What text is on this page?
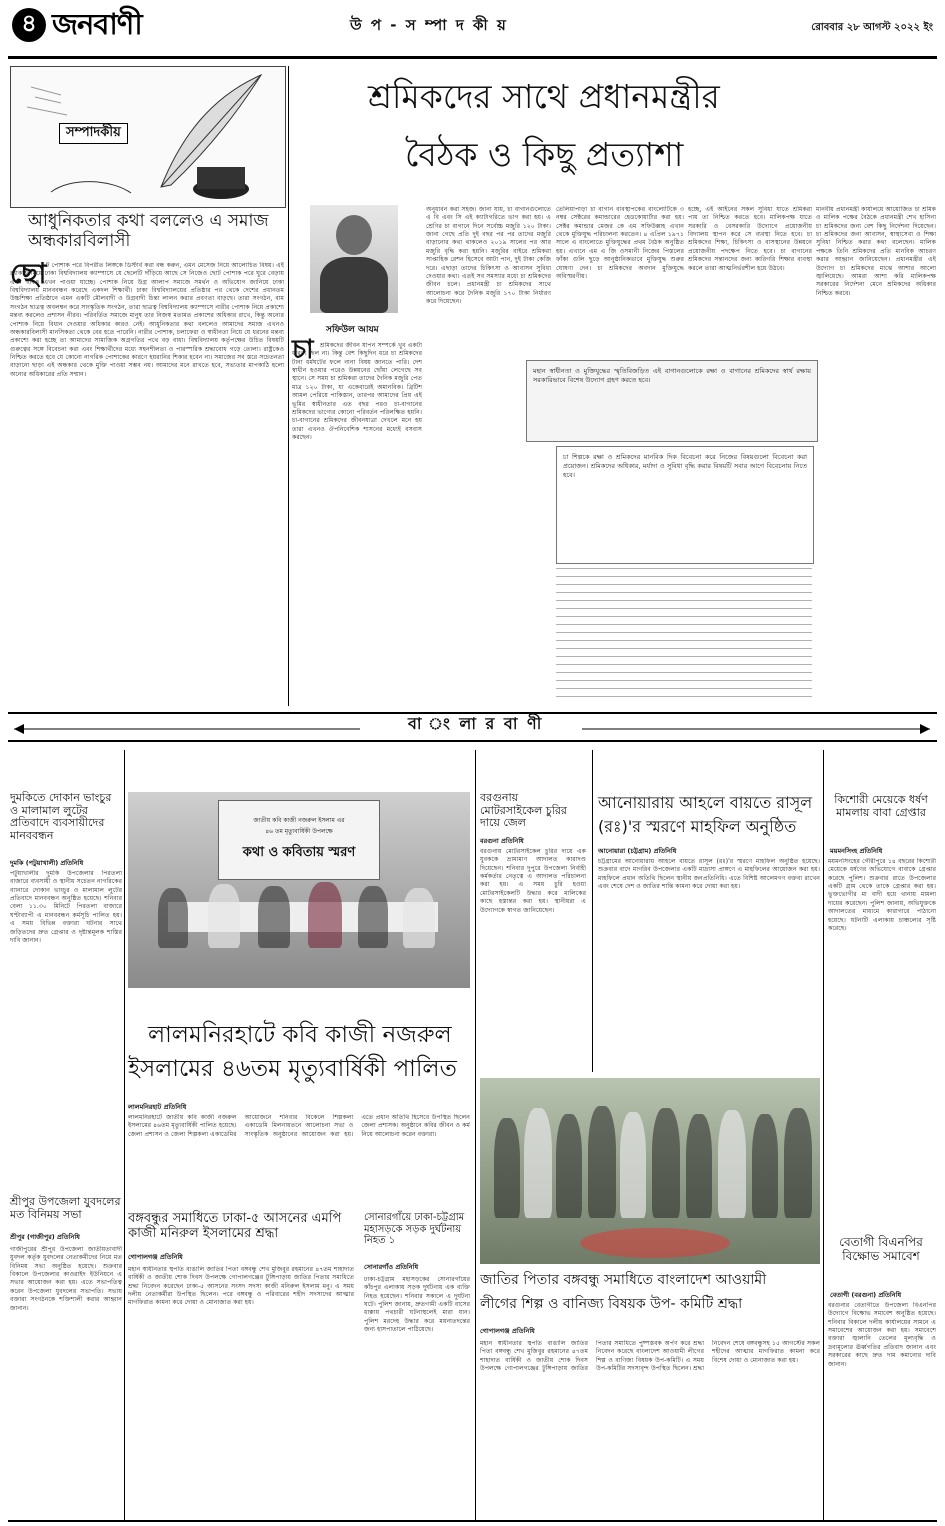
৪ জনবাণী	উ প - স ম্পা দ কী য়	রোববার ২৮ আগস্ট ২০২২ ইং
সম্পাদকীয়
আধুনিকতার কথা বললেও এ সমাজ অন্ধকারবিলাসী
ছো ট পোশাক পরে বিপরীত লিঙ্গকে ডিস্টার্ব করা বন্ধ করুন, এমন মেসেজ নিয়ে আলোচিত বিষয়। এই প্ল্যাকার্ড নিয়ে ঢাকা বিশ্ববিদ্যালয় ক্যাম্পাসে যে ছেলেটি দাঁড়িয়ে আছে সে নিজেও ছোট পোশাক পরে ঘুরে বেড়ায় এমন ছবিও এখন পাওয়া যাচ্ছে। পোশাক নিয়ে উগ্র আলাপ সমাজে সমর্থন ও অভিযোগ জানিয়ে ঢাকা বিশ্ববিদ্যালয় মানববন্ধন করেছে একদল শিক্ষার্থী। ঢাকা বিশ্ববিদ্যালয়ের প্রতিষ্ঠার পর থেকে দেশের প্রধানতম উচ্চশিক্ষা প্রতিষ্ঠানে এমন একটি মৌলবাদী ও উগ্রবাদী চিন্তা লালন করার প্রবণতা বাড়ছে। তারা সংগঠন, বাম সংগঠন ছাত্রত্ব অবলম্বন করে সাংস্কৃতিক সংগঠন, তারা ছাত্রত্ব বিশ্ববিদ্যালয় ক্যাম্পাসে নারীর পোশাক নিয়ে প্রকাশ্যে মন্তব্য করলেও প্রশাসন নীরব। পরিবর্তিত সমাজে মানুষ তার নিজস্ব মতামত প্রকাশের অধিকার রাখে, কিন্তু অন্যের পোশাক নিয়ে বিধান দেওয়ার অধিকার কারও নেই। আধুনিকতার কথা বললেও আমাদের সমাজ এখনও অন্ধকারবিলাসী মানসিকতা থেকে বের হতে পারেনি। নারীর পোশাক, চলাফেরা ও স্বাধীনতা নিয়ে যে ধরনের মন্তব্য প্রকাশ্যে করা হচ্ছে তা আমাদের সামাজিক অগ্রগতির পথে বড় বাধা। বিশ্ববিদ্যালয় কর্তৃপক্ষের উচিত বিষয়টি গুরুত্বের সঙ্গে বিবেচনা করা এবং শিক্ষার্থীদের মধ্যে সহনশীলতা ও পারস্পরিক শ্রদ্ধাবোধ গড়ে তোলা। রাষ্ট্রকেও নিশ্চিত করতে হবে যে কোনো নাগরিক পোশাকের কারণে হয়রানির শিকার হবেন না। সমাজের সব স্তরে সচেতনতা বাড়ানো ছাড়া এই অন্ধকার থেকে মুক্তি পাওয়া সম্ভব নয়। আমাদের মনে রাখতে হবে, সভ্যতার মাপকাঠি হলো অন্যের অধিকারের প্রতি সম্মান।
শ্রমিকদের সাথে প্রধানমন্ত্রীর
বৈঠক ও কিছু প্রত্যাশা
সফিউল আযম
চা	শ্রমিকদের জীবন যাপন সম্পর্কে খুব একটা ধারণা ছিল না। কিন্তু বেশ কিছুদিন ধরে চা শ্রমিকদের টানা ধর্মঘটের ফলে নানা বিষয় জানতে পারি। দেশ স্বাধীন হওয়ার পরেও উন্নয়নের ছোঁয়া লেগেছে সব স্থানে। সে সময় চা শ্রমিকরা তাদের দৈনিক মজুরি পেত মাত্র ১২০ টাকা, যা একেবারেই অমানবিক। ব্রিটিশ আমল পেরিয়ে পাকিস্তান, তারপর আমাদের প্রিয় এই ভূমির স্বাধীনতার এত বছর পরও চা-বাগানের শ্রমিকদের ভাগ্যের কোনো পরিবর্তন পরিলক্ষিত হয়নি। চা-বাগানের শ্রমিকদের জীবনযাত্রা দেখলে মনে হয় তারা এখনও ঔপনিবেশিক শাসনের মধ্যেই বসবাস করছেন।
অনুধাবন করা সহজ। জানা যায়, চা বাগানগুলোতে এ বি এবং সি এই ক্যাটাগরিতে ভাগ করা হয়। এ শ্রেণির চা বাগানে দিনে সর্বোচ্চ মজুরি ১২০ টাকা। জানা গেছে প্রতি দুই বছর পর পর তাদের মজুরি বাড়ানোর কথা থাকলেও ২০১৯ সালের পর আর মজুরি বৃদ্ধি করা হয়নি। মজুরির বাইরে শ্রমিকরা সাপ্তাহিক রেশন হিসেবে আটা পান, দুই টাকা কেজি দরে। এছাড়া তাদের চিকিৎসা ও আবাসন সুবিধা দেওয়ার কথা। এতই সব সমস্যার মধ্যে চা শ্রমিকদের জীবন চলে। প্রধানমন্ত্রী চা শ্রমিকদের সাথে আলোচনা করে দৈনিক মজুরি ১৭০ টাকা নির্ধারণ করে দিয়েছেন।
তেলিয়াপাড়া চা বাগান ব্যবস্থাপকের বাংলোটিকে ৩ নম্বর সেক্টরের কমান্ডারের হেডকোয়ার্টার করা হয়। সেক্টর কমান্ডার মেজর কে এম সফিউল্লাহ এখান থেকে মুক্তিযুদ্ধ পরিচালনা করতেন। ৪ এপ্রিল ১৯৭১ সালে এ বাংলোতে মুক্তিযুদ্ধের প্রথম বৈঠক অনুষ্ঠিত হয়। এখানে এম এ জি ওসমানী নিজের পিস্তলের ফাঁকা গুলি ছুড়ে আনুষ্ঠানিকভাবে মুক্তিযুদ্ধ শুরুর ঘোষণা দেন। চা শ্রমিকদের অবদান মুক্তিযুদ্ধে অবিস্মরণীয়।
হচ্ছে, এই আইনের সকল সুবিধা যাতে শ্রমিকরা পায় তা নিশ্চিত করতে হবে। মালিকপক্ষ যাতে সরকারি ও বেসরকারি উদ্যোগে প্রয়োজনীয় বিদ্যালয় স্থাপন করে সে ব্যবস্থা নিতে হবে। চা শ্রমিকদের শিক্ষা, চিকিৎসা ও বাসস্থানের উন্নয়নে প্রয়োজনীয় পদক্ষেপ নিতে হবে। চা বাগানের শ্রমিকদের সন্তানদের জন্য কারিগরি শিক্ষার ব্যবস্থা করলে তারা আত্মনির্ভরশীল হয়ে উঠবে।
মহান স্বাধীনতা ও মুক্তিযুদ্ধের স্মৃতিবিজড়িত এই বাগানগুলোকে রক্ষা ও বাগানের শ্রমিকদের স্বার্থ রক্ষায় সরকারিভাবে বিশেষ উদ্যোগ গ্রহণ করতে হবে।
চা শিল্পকে রক্ষা ও শ্রমিকদের মানবিক দিক বিবেচনা করে নিজের বিষয়গুলো বিবেচনা করা প্রয়োজন। শ্রমিকদের অধিকার, মর্যাদা ও সুবিধা বৃদ্ধি করার বিষয়টি সবার আগে বিবেচনায় নিতে হবে।
মানবীয় প্রধানমন্ত্রী কার্যালয়ে আয়োজিত চা শ্রমিক ও মালিক পক্ষের বৈঠকে প্রধানমন্ত্রী শেখ হাসিনা চা শ্রমিকদের জন্য বেশ কিছু নির্দেশনা দিয়েছেন। চা শ্রমিকদের জন্য আবাসন, স্বাস্থ্যসেবা ও শিক্ষা সুবিধা নিশ্চিত করার কথা বলেছেন। মালিক পক্ষকে তিনি শ্রমিকদের প্রতি মানবিক আচরণ করার আহ্বান জানিয়েছেন। প্রধানমন্ত্রীর এই উদ্যোগ চা শ্রমিকদের মাঝে আশার আলো জ্বালিয়েছে। আমরা আশা করি মালিকপক্ষ সরকারের নির্দেশনা মেনে শ্রমিকদের অধিকার নিশ্চিত করবে।
বা ং লা র বা ণী
দুমকিতে দোকান ভাংচুর ও মালামাল লুটের প্রতিবাদে ব্যবসায়ীদের মানববন্ধন
দুমকি (পটুয়াখালী) প্রতিনিধি
পটুয়াখালীর দুমকি উপজেলার পিরতলা বাজারে ব্যবসায়ী ও স্থানীয় সচেতন নাগরিকের ব্যানারে দোকান ভাংচুর ও মালামাল লুটের প্রতিবাদে মানববন্ধন অনুষ্ঠিত হয়েছে। শনিবার বেলা ১১.৩০ মিনিটে পিরতলা বাজারে ঘণ্টাব্যাপী এ মানববন্ধন কর্মসূচি পালিত হয়। এ সময় বিভিন্ন বক্তারা ঘটনার সাথে জড়িতদের দ্রুত গ্রেপ্তার ও দৃষ্টান্তমূলক শাস্তির দাবি জানান।
জাতীয় কবি কাজী নজরুল ইসলাম এর
৪৬ তম মৃত্যুবার্ষিকী উপলক্ষে
কথা ও কবিতায় স্মরণ
লালমনিরহাটে কবি কাজী নজরুল
ইসলামের ৪৬তম মৃত্যুবার্ষিকী পালিত
লালমনিরহাট প্রতিনিধি
লালমনিরহাটে জাতীয় কবি কাজী নজরুল ইসলামের ৪৬তম মৃত্যুবার্ষিকী পালিত হয়েছে। জেলা প্রশাসন ও জেলা শিল্পকলা একাডেমির আয়োজনে শনিবার বিকেলে শিল্পকলা একাডেমি মিলনায়তনে আলোচনা সভা ও সাংস্কৃতিক অনুষ্ঠানের আয়োজন করা হয়। এতে প্রধান অতিথি হিসেবে উপস্থিত ছিলেন জেলা প্রশাসক। অনুষ্ঠানে কবির জীবন ও কর্ম নিয়ে আলোচনা করেন বক্তারা।
শ্রীপুর উপজেলা যুবদলের মত বিনিময় সভা
শ্রীপুর (গাজীপুর) প্রতিনিধি
গাজীপুরের শ্রীপুর উপজেলা জাতীয়তাবাদী যুবদল কর্তৃক যুবদলের নেতাকর্মীদের নিয়ে মত বিনিময় সভা অনুষ্ঠিত হয়েছে। শুক্রবার বিকালে উপজেলার কাওরাইদ ইউনিয়নে এ সভার আয়োজন করা হয়। এতে সভাপতিত্ব করেন উপজেলা যুবদলের সভাপতি। সভায় বক্তারা সংগঠনকে শক্তিশালী করার আহ্বান জানান।
বঙ্গবন্ধুর সমাধিতে ঢাকা-৫ আসনের এমপি কাজী মনিরুল ইসলামের শ্রদ্ধা
গোপালগঞ্জ প্রতিনিধি
মহান স্বাধীনতার স্থপতি বাঙালি জাতির পিতা বঙ্গবন্ধু শেখ মুজিবুর রহমানের ৪৭তম শাহাদাত বার্ষিকী ও জাতীয় শোক দিবস উপলক্ষে গোপালগঞ্জের টুঙ্গিপাড়ায় জাতির পিতার সমাধিতে শ্রদ্ধা নিবেদন করেছেন ঢাকা-৫ আসনের সংসদ সদস্য কাজী মনিরুল ইসলাম মনু। এ সময় দলীয় নেতাকর্মীরা উপস্থিত ছিলেন। পরে বঙ্গবন্ধু ও পরিবারের শহীদ সদস্যদের আত্মার মাগফিরাত কামনা করে দোয়া ও মোনাজাত করা হয়।
সোনারগাঁয়ে ঢাকা-চট্টগ্রাম মহাসড়কে সড়ক দুর্ঘটনায় নিহত ১
সোনারগাঁও প্রতিনিধি
ঢাকা-চট্টগ্রাম মহাসড়কের সোনারগাঁয়ের কাঁচপুর এলাকায় সড়ক দুর্ঘটনায় এক ব্যক্তি নিহত হয়েছেন। শনিবার সকালে এ দুর্ঘটনা ঘটে। পুলিশ জানায়, দ্রুতগামী একটি বাসের ধাক্কায় পথচারী ঘটনাস্থলেই মারা যান। পুলিশ মরদেহ উদ্ধার করে ময়নাতদন্তের জন্য হাসপাতালে পাঠিয়েছে।
বরগুনায় মোটরসাইকেল চুরির দায়ে জেল
বরগুনা প্রতিনিধি
বরগুনায় মোটরসাইকেল চুরির দায়ে এক যুবককে ভ্রাম্যমাণ আদালত কারাদণ্ড দিয়েছেন। শনিবার দুপুরে উপজেলা নির্বাহী কর্মকর্তার নেতৃত্বে এ আদালত পরিচালনা করা হয়। এ সময় চুরি হওয়া মোটরসাইকেলটি উদ্ধার করে মালিকের কাছে হস্তান্তর করা হয়। স্থানীয়রা এ উদ্যোগকে স্বাগত জানিয়েছেন।
আনোয়ারায় আহলে বায়তে রাসূল
(রঃ)'র স্মরণে মাহফিল অনুষ্ঠিত
আনোয়ারা (চট্টগ্রাম) প্রতিনিধি
চট্টগ্রামের আনোয়ারায় আহলে বায়তে রাসূল (রঃ)'র স্মরণে মাহফিল অনুষ্ঠিত হয়েছে। শুক্রবার বাদে মাগরিব উপজেলার একটি মাদ্রাসা প্রাঙ্গণে এ মাহফিলের আয়োজন করা হয়। মাহফিলে প্রধান অতিথি ছিলেন স্থানীয় জনপ্রতিনিধি। এতে বিশিষ্ট আলেমগণ বক্তব্য রাখেন এবং শেষে দেশ ও জাতির শান্তি কামনা করে দোয়া করা হয়।
কিশোরী মেয়েকে ধর্ষণ মামলায় বাবা গ্রেপ্তার
ময়মনসিংহ প্রতিনিধি
ময়মনসিংহের গৌরীপুরে ১৪ বছরের কিশোরী মেয়েকে ধর্ষণের অভিযোগে বাবাকে গ্রেপ্তার করেছে পুলিশ। শুক্রবার রাতে উপজেলার একটি গ্রাম থেকে তাকে গ্রেপ্তার করা হয়। ভুক্তভোগীর মা বাদী হয়ে থানায় মামলা দায়ের করেছেন। পুলিশ জানায়, অভিযুক্তকে আদালতের মাধ্যমে কারাগারে পাঠানো হয়েছে। ঘটনাটি এলাকায় চাঞ্চল্যের সৃষ্টি করেছে।
বেতাগী বিএনপির বিক্ষোভ সমাবেশ
বেতাগী (বরগুনা) প্রতিনিধি
বরগুনার বেতাগীতে উপজেলা বিএনপির উদ্যোগে বিক্ষোভ সমাবেশ অনুষ্ঠিত হয়েছে। শনিবার বিকালে দলীয় কার্যালয়ের সামনে এ সমাবেশের আয়োজন করা হয়। সমাবেশে বক্তারা জ্বালানি তেলের মূল্যবৃদ্ধি ও দ্রব্যমূল্যের ঊর্ধ্বগতির প্রতিবাদ জানান এবং সরকারের কাছে দ্রুত দাম কমানোর দাবি জানান।
জাতির পিতার বঙ্গবন্ধু সমাধিতে বাংলাদেশ আওয়ামী
লীগের শিল্প ও বানিজ্য বিষয়ক উপ- কমিটি শ্রদ্ধা
গোপালগঞ্জ প্রতিনিধি
মহান স্বাধীনতার স্থপতি বাঙালি জাতির পিতা বঙ্গবন্ধু শেখ মুজিবুর রহমানের ৪৭তম শাহাদাত বার্ষিকী ও জাতীয় শোক দিবস উপলক্ষে গোপালগঞ্জের টুঙ্গিপাড়ায় জাতির পিতার সমাধিতে পুষ্পস্তবক অর্পণ করে শ্রদ্ধা নিবেদন করেছে বাংলাদেশ আওয়ামী লীগের শিল্প ও বাণিজ্য বিষয়ক উপ-কমিটি। এ সময় উপ-কমিটির সদস্যবৃন্দ উপস্থিত ছিলেন। শ্রদ্ধা নিবেদন শেষে বঙ্গবন্ধুসহ ১৫ আগস্টের সকল শহীদের আত্মার মাগফিরাত কামনা করে বিশেষ দোয়া ও মোনাজাত করা হয়।
